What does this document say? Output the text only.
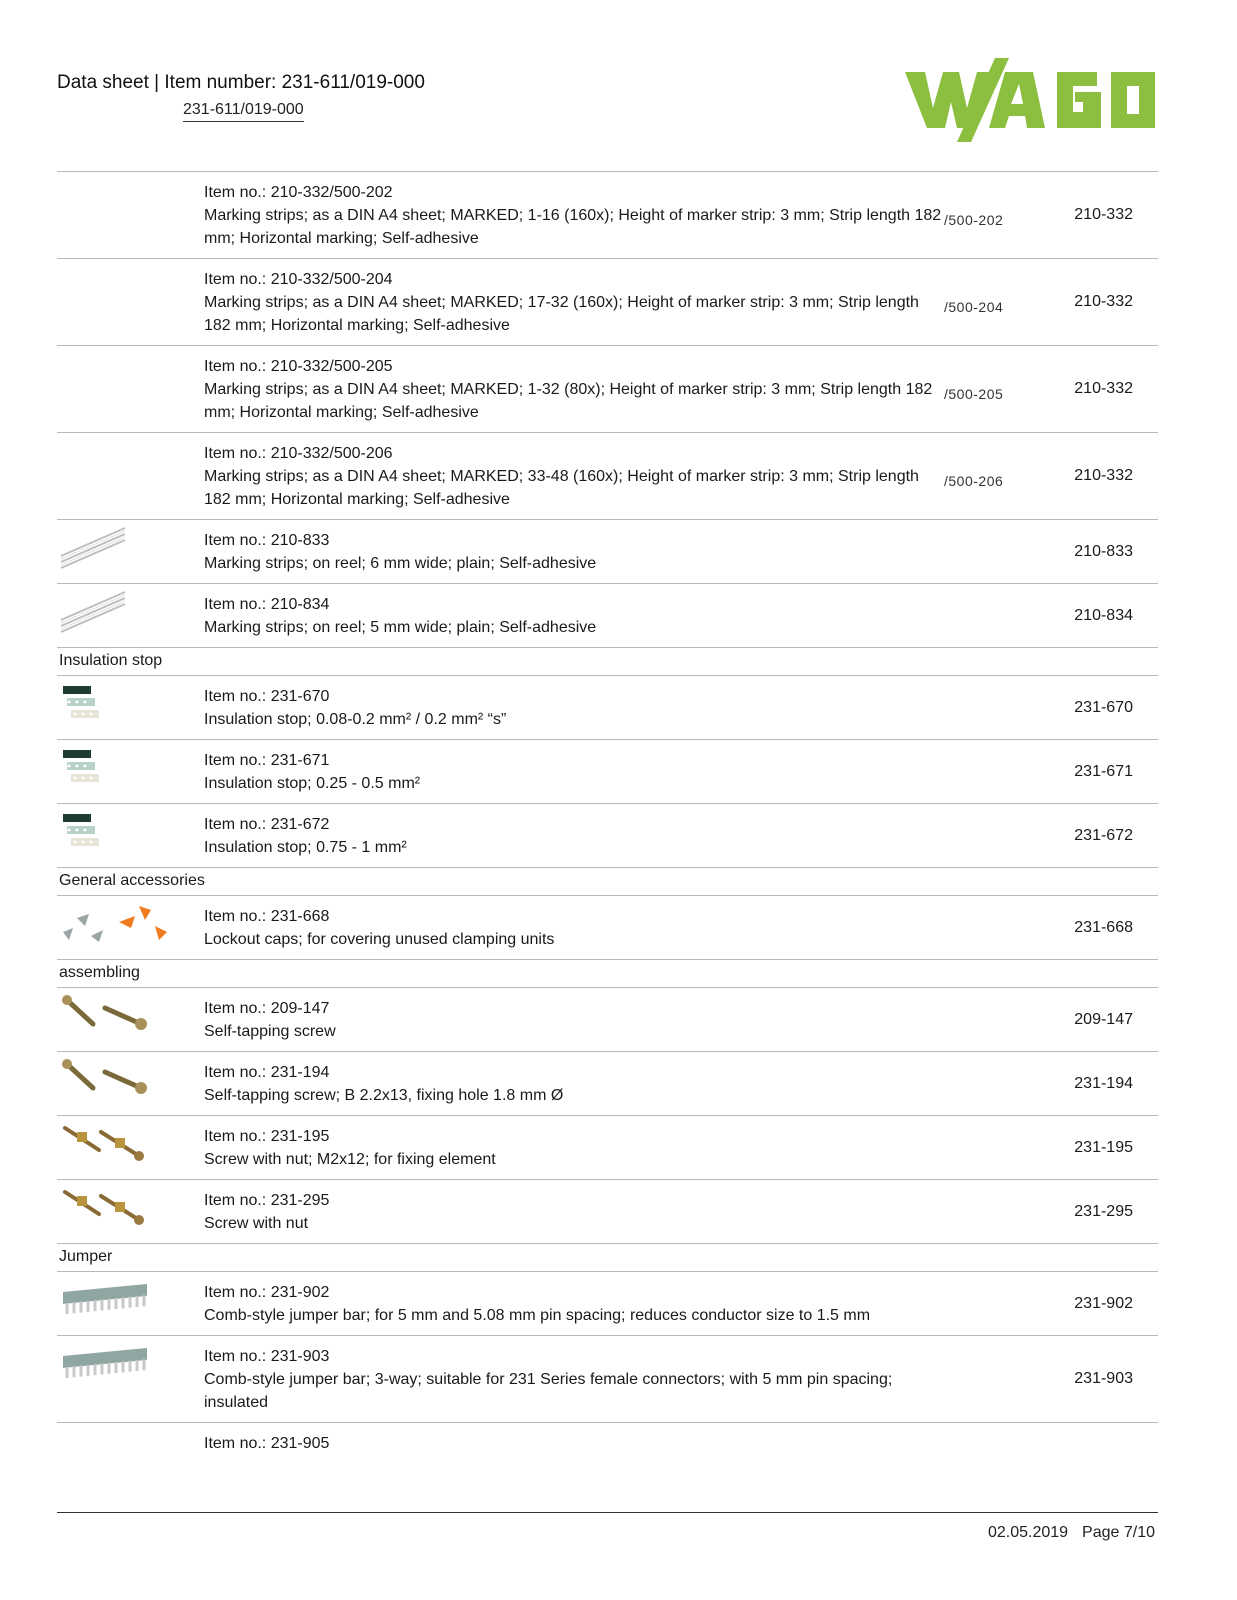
Data sheet | Item number: 231-611/019-000
231-611/019-000
Item no.: 210-332/500-202
Marking strips; as a DIN A4 sheet; MARKED; 1-16 (160x); Height of marker strip: 3 mm; Strip length 182 mm; Horizontal marking; Self-adhesive
/500-202	210-332
Item no.: 210-332/500-204
Marking strips; as a DIN A4 sheet; MARKED; 17-32 (160x); Height of marker strip: 3 mm; Strip length 182 mm; Horizontal marking; Self-adhesive
/500-204	210-332
Item no.: 210-332/500-205
Marking strips; as a DIN A4 sheet; MARKED; 1-32 (80x); Height of marker strip: 3 mm; Strip length 182 mm; Horizontal marking; Self-adhesive
/500-205	210-332
Item no.: 210-332/500-206
Marking strips; as a DIN A4 sheet; MARKED; 33-48 (160x); Height of marker strip: 3 mm; Strip length 182 mm; Horizontal marking; Self-adhesive
/500-206	210-332
Item no.: 210-833
Marking strips; on reel; 6 mm wide; plain; Self-adhesive
210-833
Item no.: 210-834
Marking strips; on reel; 5 mm wide; plain; Self-adhesive
210-834
Insulation stop
Item no.: 231-670
Insulation stop; 0.08-0.2 mm² / 0.2 mm² “s”
231-670
Item no.: 231-671
Insulation stop; 0.25 - 0.5 mm²
231-671
Item no.: 231-672
Insulation stop; 0.75 - 1 mm²
231-672
General accessories
Item no.: 231-668
Lockout caps; for covering unused clamping units
231-668
assembling
Item no.: 209-147
Self-tapping screw
209-147
Item no.: 231-194
Self-tapping screw; B 2.2x13, fixing hole 1.8 mm Ø
231-194
Item no.: 231-195
Screw with nut; M2x12; for fixing element
231-195
Item no.: 231-295
Screw with nut
231-295
Jumper
Item no.: 231-902
Comb-style jumper bar; for 5 mm and 5.08 mm pin spacing; reduces conductor size to 1.5 mm
231-902
Item no.: 231-903
Comb-style jumper bar; 3-way; suitable for 231 Series female connectors; with 5 mm pin spacing; insulated
231-903
Item no.: 231-905
02.05.2019 Page 7/10
